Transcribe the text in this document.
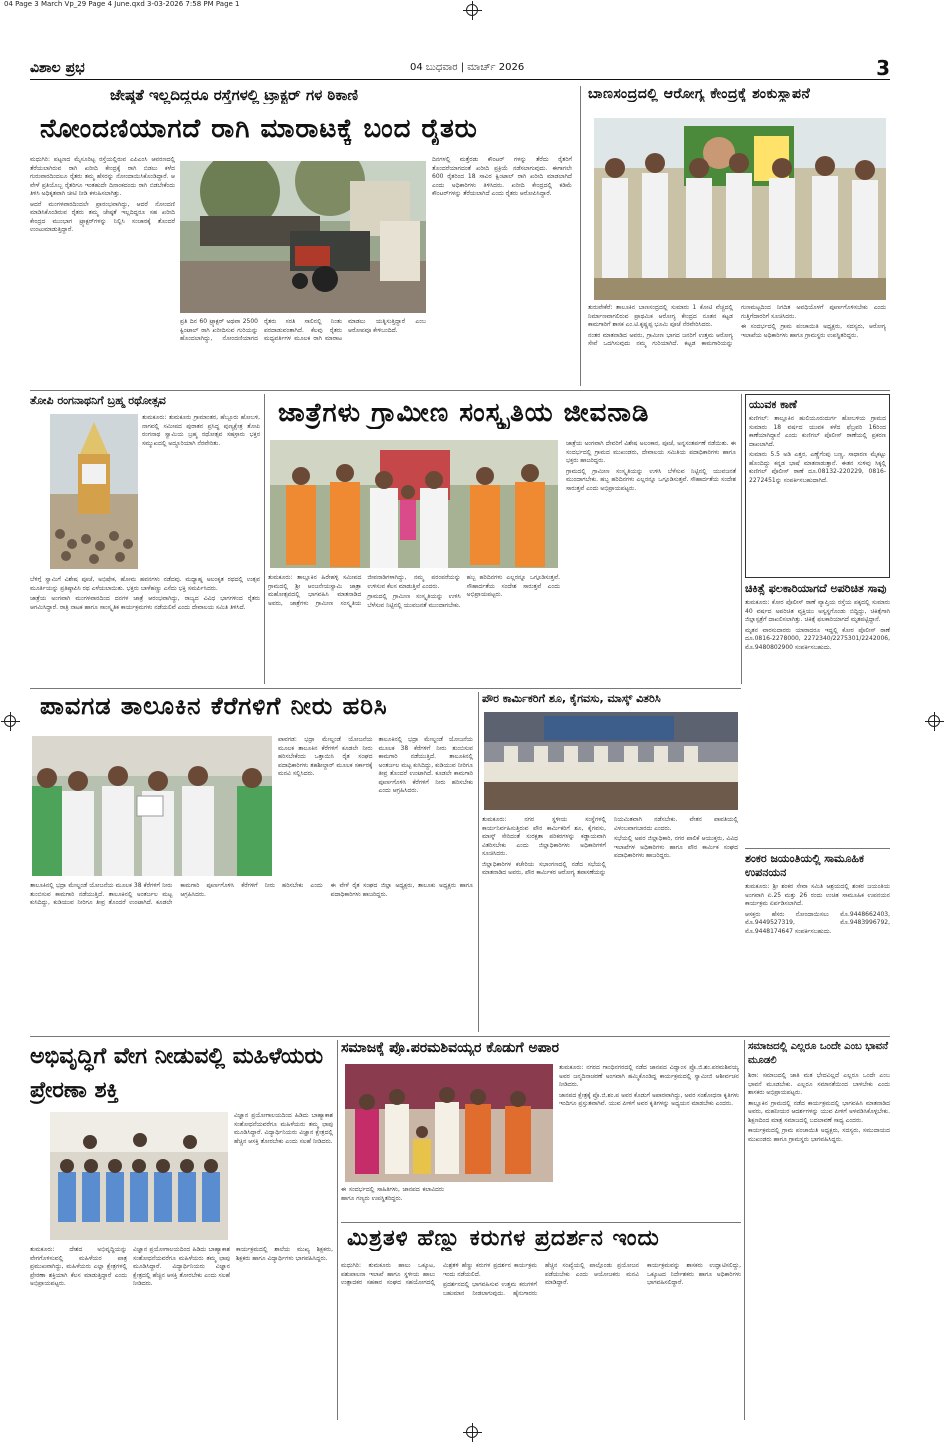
04 Page 3 March Vp_29 Page 4 June.qxd 3-03-2026 7:58 PM Page 1
ವಿಶಾಲ ಪ್ರಭ	04 ಬುಧವಾರ | ಮಾರ್ಚ್ 2026	3
ಜೇಷ್ಠತೆ ಇಲ್ಲದಿದ್ದರೂ ರಸ್ತೆಗಳಲ್ಲಿ ಟ್ರ್ಯಾಕ್ಟರ್ ಗಳ ಠಿಕಾಣಿ
ನೋಂದಣಿಯಾಗದೆ ರಾಗಿ ಮಾರಾಟಕ್ಕೆ ಬಂದ ರೈತರು

ಮಧುಗಿರಿ: ಪಟ್ಟಣದ ಮೈಸೂರಿಟ್ಟ ರಸ್ತೆಯಲ್ಲಿರುವ ಎಪಿಎಂಸಿ ಆವರಣದಲ್ಲಿ ತೆರೆಯಲಾಗಿರುವ ರಾಗಿ ಖರೀದಿ ಕೇಂದ್ರಕ್ಕೆ ರಾಗಿ ಬಿಡಲು ಕಳೆದ ಗುರುವಾರದಿಂದಲೂ ರೈತರು ತಮ್ಮ ಹೆಸರನ್ನು ನೋಂದಾಯಿಸಿಕೊಂಡಿದ್ದಾರೆ. ಆ ವೇಳೆ ಪ್ರತಿಯೊಬ್ಬ ರೈತರಿಗೂ ಇಂತಹುದೇ ದಿನಾಂಕದಂದು ರಾಗಿ ಬಿಡಬೇಕೆಂದು ತಿಳಿಸಿ ಅಧಿಕೃತವಾಗಿ ಚೀಟಿ ನೀಡಿ ಕಳುಹಿಸಲಾಗಿತ್ತು.

ಆದರೆ ಮಂಗಳವಾರದಿಂದಲೇ ಪ್ರಾರಂಭವಾಗಿದ್ದು, ಆದರೆ ನೋಂದಣಿ ಮಾಡಿಸಿಕೊಂಡಿರುವ ರೈತರು ತಮ್ಮ ಜೇಷ್ಠತೆ ಇಲ್ಲದಿದ್ದರೂ ಸಹ ಖರೀದಿ ಕೇಂದ್ರದ ಮುಂಭಾಗ ಟ್ರ್ಯಾಕ್ಟರ್‌ಗಳನ್ನು ನಿಲ್ಲಿಸಿ ಸಂಚಾರಕ್ಕೆ ತೊಂದರೆ ಉಂಟುಮಾಡುತ್ತಿದ್ದಾರೆ.

ಪ್ರತಿ ದಿನ 60 ಟ್ರ್ಯಾಕ್ಟರ್ ಅಥವಾ 2500 ಕ್ವಿಂಟಾಲ್ ರಾಗಿ ಖರೀದಿಸುವ ಗುರಿಯನ್ನು ಹೊಂದಲಾಗಿದ್ದು, ನೋಂದಣಿಯಾಗದ ರೈತರು ಸರತಿ ಸಾಲಿನಲ್ಲಿ ನಿಂತು ಪರದಾಡುವಂತಾಗಿದೆ. ಕೆಲವು ರೈತರು ಮಧ್ಯವರ್ತಿಗಳ ಮೂಲಕ ರಾಗಿ ಮಾರಾಟ ಮಾಡಲು ಯತ್ನಿಸುತ್ತಿದ್ದಾರೆ ಎಂಬ ಆರೋಪವೂ ಕೇಳಿಬಂದಿದೆ.

ದಿನಗಳಲ್ಲಿ ಮತ್ತೆರಡು ಕೌಂಟರ್ ಗಳನ್ನು ತೆರೆದು ರೈತರಿಗೆ ತೊಂದರೆಯಾಗದಂತೆ ಖರೀದಿ ಪ್ರಕ್ರಿಯೆ ನಡೆಸಲಾಗುವುದು. ಈಗಾಗಲೇ 600 ರೈತರಿಂದ 18 ಸಾವಿರ ಕ್ವಿಂಟಾಲ್ ರಾಗಿ ಖರೀದಿ ಮಾಡಲಾಗಿದೆ ಎಂದು ಅಧಿಕಾರಿಗಳು ತಿಳಿಸಿದರು. ಖರೀದಿ ಕೇಂದ್ರದಲ್ಲಿ ಕಡಿಮೆ ಕೌಂಟರ್‌ಗಳನ್ನು ತೆರೆಯಲಾಗಿದೆ ಎಂದು ರೈತರು ಆರೋಪಿಸಿದ್ದಾರೆ.

ಬಾಣಸಂದ್ರದಲ್ಲಿ ಆರೋಗ್ಯ ಕೇಂದ್ರಕ್ಕೆ ಶಂಕುಸ್ಥಾಪನೆ

ತುರುವೇಕೆರೆ: ತಾಲೂಕಿನ ಬಾಣಸಂದ್ರದಲ್ಲಿ ಸುಮಾರು 1 ಕೋಟಿ ವೆಚ್ಚದಲ್ಲಿ ನಿರ್ಮಾಣವಾಗಲಿರುವ ಪ್ರಾಥಮಿಕ ಆರೋಗ್ಯ ಕೇಂದ್ರದ ನೂತನ ಕಟ್ಟಡ ಕಾಮಗಾರಿಗೆ ಶಾಸಕ ಎಂ.ಟಿ.ಕೃಷ್ಣಪ್ಪ ಭೂಮಿ ಪೂಜೆ ನೆರವೇರಿಸಿದರು.

ನಂತರ ಮಾತನಾಡಿದ ಅವರು, ಗ್ರಾಮೀಣ ಭಾಗದ ಜನರಿಗೆ ಉತ್ತಮ ಆರೋಗ್ಯ ಸೇವೆ ಒದಗಿಸುವುದು ನಮ್ಮ ಗುರಿಯಾಗಿದೆ. ಕಟ್ಟಡ ಕಾಮಗಾರಿಯನ್ನು ಗುಣಮಟ್ಟದಿಂದ ನಿಗದಿತ ಅವಧಿಯೊಳಗೆ ಪೂರ್ಣಗೊಳಿಸಬೇಕು ಎಂದು ಗುತ್ತಿಗೆದಾರರಿಗೆ ಸೂಚಿಸಿದರು.

ಈ ಸಂದರ್ಭದಲ್ಲಿ ಗ್ರಾಮ ಪಂಚಾಯಿತಿ ಅಧ್ಯಕ್ಷರು, ಸದಸ್ಯರು, ಆರೋಗ್ಯ ಇಲಾಖೆಯ ಅಧಿಕಾರಿಗಳು ಹಾಗೂ ಗ್ರಾಮಸ್ಥರು ಉಪಸ್ಥಿತರಿದ್ದರು.

ತೋಪಿ ರಂಗನಾಥನಿಗೆ ಬ್ರಹ್ಮ ರಥೋತ್ಸವ

ತುಮಕೂರು: ತುಮಕೂರು ಗ್ರಾಮಾಂತರ, ಹೆಬ್ಬೂರು ಹೋಬಳಿ, ನಾಗವಲ್ಲಿ ಸಮೀಪದ ಪುರಾತನ ಪ್ರಸಿದ್ಧ ಪುಣ್ಯಕ್ಷೇತ್ರ ತೋಪಿ ರಂಗನಾಥ ಸ್ವಾಮಿಯ ಬ್ರಹ್ಮ ರಥೋತ್ಸವ ಸಹಸ್ರಾರು ಭಕ್ತರ ಸಮ್ಮುಖದಲ್ಲಿ ಅದ್ದೂರಿಯಾಗಿ ನೆರವೇರಿತು.

ಬೆಳಿಗ್ಗೆ ಸ್ವಾಮಿಗೆ ವಿಶೇಷ ಪೂಜೆ, ಅಭಿಷೇಕ, ಹೋಮ ಹವನಗಳು ನಡೆದವು. ಮಧ್ಯಾಹ್ನ ಅಲಂಕೃತ ರಥದಲ್ಲಿ ಉತ್ಸವ ಮೂರ್ತಿಯನ್ನು ಪ್ರತಿಷ್ಠಾಪಿಸಿ ರಥ ಎಳೆಯಲಾಯಿತು. ಭಕ್ತರು ಬಾಳೆಹಣ್ಣು ಎಸೆದು ಭಕ್ತಿ ಸಮರ್ಪಿಸಿದರು.

ಜಾತ್ರೆಯ ಅಂಗವಾಗಿ ಮಂಗಳವಾರದಿಂದ ದನಗಳ ಜಾತ್ರೆ ಆರಂಭವಾಗಿದ್ದು, ರಾಜ್ಯದ ವಿವಿಧ ಭಾಗಗಳಿಂದ ರೈತರು ಆಗಮಿಸಿದ್ದಾರೆ. ರಾತ್ರಿ ನಾಟಕ ಹಾಗೂ ಸಾಂಸ್ಕೃತಿಕ ಕಾರ್ಯಕ್ರಮಗಳು ನಡೆಯಲಿವೆ ಎಂದು ದೇವಾಲಯ ಸಮಿತಿ ತಿಳಿಸಿದೆ.

ಜಾತ್ರೆಗಳು ಗ್ರಾಮೀಣ ಸಂಸ್ಕೃತಿಯ ಜೀವನಾಡಿ

ತುಮಕೂರು: ತಾಲ್ಲೂಕಿನ ಹಿರೇಹಳ್ಳಿ ಸಮೀಪದ ಗ್ರಾಮದಲ್ಲಿ ಶ್ರೀ ಆಂಜನೇಯಸ್ವಾಮಿ ಜಾತ್ರಾ ಮಹೋತ್ಸವದಲ್ಲಿ ಭಾಗವಹಿಸಿ ಮಾತನಾಡಿದ ಅವರು, ಜಾತ್ರೆಗಳು ಗ್ರಾಮೀಣ ಸಂಸ್ಕೃತಿಯ ಜೀವನಾಡಿಗಳಾಗಿದ್ದು, ನಮ್ಮ ಪರಂಪರೆಯನ್ನು ಉಳಿಸುವ ಕೆಲಸ ಮಾಡುತ್ತಿವೆ ಎಂದರು.

ಗ್ರಾಮದಲ್ಲಿ ಗ್ರಾಮೀಣ ಸಂಸ್ಕೃತಿಯನ್ನು ಉಳಿಸಿ ಬೆಳೆಸುವ ನಿಟ್ಟಿನಲ್ಲಿ ಯುವಜನತೆ ಮುಂದಾಗಬೇಕು. ಹಬ್ಬ ಹರಿದಿನಗಳು ಎಲ್ಲರನ್ನೂ ಒಗ್ಗೂಡಿಸುತ್ತವೆ. ಸೌಹಾರ್ದತೆಯ ಸಂದೇಶ ಸಾರುತ್ತವೆ ಎಂದು ಅಭಿಪ್ರಾಯಪಟ್ಟರು.

ಜಾತ್ರೆಯ ಅಂಗವಾಗಿ ದೇವರಿಗೆ ವಿಶೇಷ ಅಲಂಕಾರ, ಪೂಜೆ, ಅನ್ನಸಂತರ್ಪಣೆ ನಡೆಯಿತು. ಈ ಸಂದರ್ಭದಲ್ಲಿ ಗ್ರಾಮದ ಮುಖಂಡರು, ದೇವಾಲಯ ಸಮಿತಿಯ ಪದಾಧಿಕಾರಿಗಳು ಹಾಗೂ ಭಕ್ತರು ಹಾಜರಿದ್ದರು.

ಗ್ರಾಮದಲ್ಲಿ ಗ್ರಾಮೀಣ ಸಂಸ್ಕೃತಿಯನ್ನು ಉಳಿಸಿ ಬೆಳೆಸುವ ನಿಟ್ಟಿನಲ್ಲಿ ಯುವಜನತೆ ಮುಂದಾಗಬೇಕು. ಹಬ್ಬ ಹರಿದಿನಗಳು ಎಲ್ಲರನ್ನೂ ಒಗ್ಗೂಡಿಸುತ್ತವೆ. ಸೌಹಾರ್ದತೆಯ ಸಂದೇಶ ಸಾರುತ್ತವೆ ಎಂದು ಅಭಿಪ್ರಾಯಪಟ್ಟರು.

ಯುವಕ ಕಾಣೆ

ಕುಣಿಗಲ್: ತಾಲ್ಲೂಕಿನ ಹುಲಿಯೂರುದುರ್ಗ ಹೋಬಳಿಯ ಗ್ರಾಮದ ಸುಮಾರು 18 ವರ್ಷದ ಯುವಕ ಕಳೆದ ಫೆಬ್ರವರಿ 16ರಿಂದ ಕಾಣೆಯಾಗಿದ್ದಾನೆ ಎಂದು ಕುಣಿಗಲ್ ಪೊಲೀಸ್ ಠಾಣೆಯಲ್ಲಿ ಪ್ರಕರಣ ದಾಖಲಾಗಿದೆ.

ಸುಮಾರು 5.5 ಅಡಿ ಎತ್ತರ, ಎಣ್ಣೆಗೆಂಪು ಬಣ್ಣ, ಸಾಧಾರಣ ಮೈಕಟ್ಟು ಹೊಂದಿದ್ದು ಕನ್ನಡ ಭಾಷೆ ಮಾತನಾಡುತ್ತಾನೆ. ಈತನ ಸುಳಿವು ಸಿಕ್ಕಲ್ಲಿ ಕುಣಿಗಲ್ ಪೊಲೀಸ್ ಠಾಣೆ ದೂ.08132-220229, 0816-2272451ನ್ನು ಸಂಪರ್ಕಿಸಬಹುದಾಗಿದೆ.

ಚಿಕಿತ್ಸೆ ಫಲಕಾರಿಯಾಗದೆ ಅಪರಿಚಿತ ಸಾವು

ತುಮಕೂರು: ಕೋರ ಪೊಲೀಸ್ ಠಾಣೆ ವ್ಯಾಪ್ತಿಯ ರಸ್ತೆಯ ಪಕ್ಕದಲ್ಲಿ ಸುಮಾರು 40 ವರ್ಷದ ಅಪರಿಚಿತ ವ್ಯಕ್ತಿಯು ಅಸ್ವಸ್ಥಗೊಂಡು ಬಿದ್ದಿದ್ದು, ಚಿಕಿತ್ಸೆಗಾಗಿ ಜಿಲ್ಲಾಸ್ಪತ್ರೆಗೆ ದಾಖಲಿಸಲಾಗಿತ್ತು. ಚಿಕಿತ್ಸೆ ಫಲಕಾರಿಯಾಗದೆ ಮೃತಪಟ್ಟಿದ್ದಾನೆ.

ಮೃತನ ವಾರಸುದಾರರು ಯಾರಾದರೂ ಇದ್ದಲ್ಲಿ ಕೋರ ಪೊಲೀಸ್ ಠಾಣೆ ದೂ.0816-2278000, 2272340/2275301/2242006, ಮೊ.9480802900 ಸಂಪರ್ಕಿಸಬಹುದು.

ಪಾವಗಡ ತಾಲೂಕಿನ ಕೆರೆಗಳಿಗೆ ನೀರು ಹರಿಸಿ

ಪಾವಗಡ: ಭದ್ರಾ ಮೇಲ್ದಂಡೆ ಯೋಜನೆಯ ಮೂಲಕ ತಾಲೂಕಿನ ಕೆರೆಗಳಿಗೆ ಕೂಡಲೇ ನೀರು ಹರಿಸಬೇಕೆಂದು ಒತ್ತಾಯಿಸಿ ರೈತ ಸಂಘದ ಪದಾಧಿಕಾರಿಗಳು ತಹಶೀಲ್ದಾರ್ ಮೂಲಕ ಸರ್ಕಾರಕ್ಕೆ ಮನವಿ ಸಲ್ಲಿಸಿದರು.

ತಾಲೂಕಿನಲ್ಲಿ ಭದ್ರಾ ಮೇಲ್ದಂಡೆ ಯೋಜನೆಯ ಮೂಲಕ 38 ಕೆರೆಗಳಿಗೆ ನೀರು ತುಂಬಿಸುವ ಕಾಮಗಾರಿ ನಡೆಯುತ್ತಿದೆ. ತಾಲೂಕಿನಲ್ಲಿ ಅಂತರ್ಜಲ ಮಟ್ಟ ಕುಸಿದಿದ್ದು, ಕುಡಿಯುವ ನೀರಿಗೂ ತೀವ್ರ ತೊಂದರೆ ಉಂಟಾಗಿದೆ. ಕೂಡಲೇ ಕಾಮಗಾರಿ ಪೂರ್ಣಗೊಳಿಸಿ ಕೆರೆಗಳಿಗೆ ನೀರು ಹರಿಸಬೇಕು ಎಂದು ಆಗ್ರಹಿಸಿದರು.

ತಾಲೂಕಿನಲ್ಲಿ ಭದ್ರಾ ಮೇಲ್ದಂಡೆ ಯೋಜನೆಯ ಮೂಲಕ 38 ಕೆರೆಗಳಿಗೆ ನೀರು ತುಂಬಿಸುವ ಕಾಮಗಾರಿ ನಡೆಯುತ್ತಿದೆ. ತಾಲೂಕಿನಲ್ಲಿ ಅಂತರ್ಜಲ ಮಟ್ಟ ಕುಸಿದಿದ್ದು, ಕುಡಿಯುವ ನೀರಿಗೂ ತೀವ್ರ ತೊಂದರೆ ಉಂಟಾಗಿದೆ. ಕೂಡಲೇ ಕಾಮಗಾರಿ ಪೂರ್ಣಗೊಳಿಸಿ ಕೆರೆಗಳಿಗೆ ನೀರು ಹರಿಸಬೇಕು ಎಂದು ಆಗ್ರಹಿಸಿದರು.

ಈ ವೇಳೆ ರೈತ ಸಂಘದ ಜಿಲ್ಲಾ ಅಧ್ಯಕ್ಷರು, ತಾಲೂಕು ಅಧ್ಯಕ್ಷರು ಹಾಗೂ ಪದಾಧಿಕಾರಿಗಳು ಹಾಜರಿದ್ದರು.

ಪೌರ ಕಾರ್ಮಿಕರಿಗೆ ಶೂ, ಕೈಗವಸು, ಮಾಸ್ಕ್ ವಿತರಿಸಿ

ತುಮಕೂರು: ನಗರ ಸ್ಥಳೀಯ ಸಂಸ್ಥೆಗಳಲ್ಲಿ ಕಾರ್ಯನಿರ್ವಹಿಸುತ್ತಿರುವ ಪೌರ ಕಾರ್ಮಿಕರಿಗೆ ಶೂ, ಕೈಗವಸು, ಮಾಸ್ಕ್ ಸೇರಿದಂತೆ ಸುರಕ್ಷತಾ ಪರಿಕರಗಳನ್ನು ಕಡ್ಡಾಯವಾಗಿ ವಿತರಿಸಬೇಕು ಎಂದು ಜಿಲ್ಲಾಧಿಕಾರಿಗಳು ಅಧಿಕಾರಿಗಳಿಗೆ ಸೂಚಿಸಿದರು.

ಜಿಲ್ಲಾಧಿಕಾರಿಗಳ ಕಚೇರಿಯ ಸಭಾಂಗಣದಲ್ಲಿ ನಡೆದ ಸಭೆಯಲ್ಲಿ ಮಾತನಾಡಿದ ಅವರು, ಪೌರ ಕಾರ್ಮಿಕರ ಆರೋಗ್ಯ ತಪಾಸಣೆಯನ್ನು ನಿಯಮಿತವಾಗಿ ನಡೆಸಬೇಕು. ವೇತನ ಪಾವತಿಯಲ್ಲಿ ವಿಳಂಬವಾಗಬಾರದು ಎಂದರು.

ಸಭೆಯಲ್ಲಿ ಅಪರ ಜಿಲ್ಲಾಧಿಕಾರಿ, ನಗರ ಪಾಲಿಕೆ ಆಯುಕ್ತರು, ವಿವಿಧ ಇಲಾಖೆಗಳ ಅಧಿಕಾರಿಗಳು ಹಾಗೂ ಪೌರ ಕಾರ್ಮಿಕ ಸಂಘದ ಪದಾಧಿಕಾರಿಗಳು ಹಾಜರಿದ್ದರು.	ಶಂಕರ ಜಯಂತಿಯಲ್ಲಿ ಸಾಮೂಹಿಕ ಉಪನಯನ

ತುಮಕೂರು: ಶ್ರೀ ಶಂಕರ ಸೇವಾ ಸಮಿತಿ ಆಶ್ರಯದಲ್ಲಿ ಶಂಕರ ಜಯಂತಿಯ ಅಂಗವಾಗಿ ಏ.25 ಮತ್ತು 26 ರಂದು ಉಚಿತ ಸಾಮೂಹಿಕ ಉಪನಯನ ಕಾರ್ಯಕ್ರಮ ಏರ್ಪಡಿಸಲಾಗಿದೆ.

ಆಸಕ್ತರು ಹೆಸರು ನೋಂದಾಯಿಸಲು ಮೊ.9448662403, ಮೊ.9449527319, ಮೊ.9483996792, ಮೊ.9448174647 ಸಂಪರ್ಕಿಸಬಹುದು.

ಅಭಿವೃದ್ಧಿಗೆ ವೇಗ ನೀಡುವಲ್ಲಿ ಮಹಿಳೆಯರು ಪ್ರೇರಣಾ ಶಕ್ತಿ

ವಿಜ್ಞಾನ ಪ್ರಯೋಗಾಲಯದಿಂದ ಹಿಡಿದು ಬಾಹ್ಯಾಕಾಶ ಸಂಶೋಧನೆಯವರೆಗೂ ಮಹಿಳೆಯರು ತಮ್ಮ ಛಾಪು ಮೂಡಿಸಿದ್ದಾರೆ. ವಿದ್ಯಾರ್ಥಿನಿಯರು ವಿಜ್ಞಾನ ಕ್ಷೇತ್ರದಲ್ಲಿ ಹೆಚ್ಚಿನ ಆಸಕ್ತಿ ತೋರಬೇಕು ಎಂದು ಸಲಹೆ ನೀಡಿದರು.

ತುಮಕೂರು: ದೇಶದ ಅಭಿವೃದ್ಧಿಯನ್ನು ವೇಗಗೊಳಿಸುವಲ್ಲಿ ಮಹಿಳೆಯರ ಪಾತ್ರ ಪ್ರಮುಖವಾಗಿದ್ದು, ಮಹಿಳೆಯರು ಎಲ್ಲಾ ಕ್ಷೇತ್ರಗಳಲ್ಲಿ ಪ್ರೇರಣಾ ಶಕ್ತಿಯಾಗಿ ಕೆಲಸ ಮಾಡುತ್ತಿದ್ದಾರೆ ಎಂದು ಅಭಿಪ್ರಾಯಪಟ್ಟರು.

ವಿಜ್ಞಾನ ಪ್ರಯೋಗಾಲಯದಿಂದ ಹಿಡಿದು ಬಾಹ್ಯಾಕಾಶ ಸಂಶೋಧನೆಯವರೆಗೂ ಮಹಿಳೆಯರು ತಮ್ಮ ಛಾಪು ಮೂಡಿಸಿದ್ದಾರೆ. ವಿದ್ಯಾರ್ಥಿನಿಯರು ವಿಜ್ಞಾನ ಕ್ಷೇತ್ರದಲ್ಲಿ ಹೆಚ್ಚಿನ ಆಸಕ್ತಿ ತೋರಬೇಕು ಎಂದು ಸಲಹೆ ನೀಡಿದರು.

ಕಾರ್ಯಕ್ರಮದಲ್ಲಿ ಶಾಲೆಯ ಮುಖ್ಯ ಶಿಕ್ಷಕರು, ಶಿಕ್ಷಕರು ಹಾಗೂ ವಿದ್ಯಾರ್ಥಿಗಳು ಭಾಗವಹಿಸಿದ್ದರು.

ಸಮಾಜಕ್ಕೆ ಪ್ರೊ.ಪರಮಶಿವಯ್ಯರ ಕೊಡುಗೆ ಅಪಾರ

ತುಮಕೂರು: ನಗರದ ಗಾಂಧಿನಗರದಲ್ಲಿ ನಡೆದ ಜಾನಪದ ವಿದ್ವಾಂಸ ಪ್ರೊ.ಜಿ.ಶಂ.ಪರಮಶಿವಯ್ಯ ಅವರ ಜನ್ಮದಿನಾಚರಣೆ ಅಂಗವಾಗಿ ಹಮ್ಮಿಕೊಂಡಿದ್ದ ಕಾರ್ಯಕ್ರಮದಲ್ಲಿ ಸ್ವಾಮೀಜಿ ಆಶೀರ್ವಚನ ನೀಡಿದರು.

ಜಾನಪದ ಕ್ಷೇತ್ರಕ್ಕೆ ಪ್ರೊ.ಜಿ.ಶಂ.ಪ ಅವರ ಕೊಡುಗೆ ಅಪಾರವಾಗಿದ್ದು, ಅವರ ಸಂಶೋಧನಾ ಕೃತಿಗಳು ಇಂದಿಗೂ ಪ್ರಸ್ತುತವಾಗಿವೆ. ಯುವ ಪೀಳಿಗೆ ಅವರ ಕೃತಿಗಳನ್ನು ಅಧ್ಯಯನ ಮಾಡಬೇಕು ಎಂದರು.

ಈ ಸಂದರ್ಭದಲ್ಲಿ ಸಾಹಿತಿಗಳು, ಜಾನಪದ ಕಲಾವಿದರು ಹಾಗೂ ಗಣ್ಯರು ಉಪಸ್ಥಿತರಿದ್ದರು.

ಮಿಶ್ರತಳಿ ಹೆಣ್ಣು ಕರುಗಳ ಪ್ರದರ್ಶನ ಇಂದು

ಮಧುಗಿರಿ: ತುಮಕೂರು ಹಾಲು ಒಕ್ಕೂಟ, ಪಶುಪಾಲನಾ ಇಲಾಖೆ ಹಾಗೂ ಸ್ಥಳೀಯ ಹಾಲು ಉತ್ಪಾದಕರ ಸಹಕಾರ ಸಂಘದ ಸಹಯೋಗದಲ್ಲಿ ಮಿಶ್ರತಳಿ ಹೆಣ್ಣು ಕರುಗಳ ಪ್ರದರ್ಶನ ಕಾರ್ಯಕ್ರಮ ಇಂದು ನಡೆಯಲಿದೆ.

ಪ್ರದರ್ಶನದಲ್ಲಿ ಭಾಗವಹಿಸುವ ಉತ್ತಮ ಕರುಗಳಿಗೆ ಬಹುಮಾನ ನೀಡಲಾಗುವುದು. ಹೈನುಗಾರರು ಹೆಚ್ಚಿನ ಸಂಖ್ಯೆಯಲ್ಲಿ ಪಾಲ್ಗೊಂಡು ಪ್ರಯೋಜನ ಪಡೆಯಬೇಕು ಎಂದು ಆಯೋಜಕರು ಮನವಿ ಮಾಡಿದ್ದಾರೆ.

ಕಾರ್ಯಕ್ರಮವನ್ನು ಶಾಸಕರು ಉದ್ಘಾಟಿಸಲಿದ್ದು, ಒಕ್ಕೂಟದ ನಿರ್ದೇಶಕರು ಹಾಗೂ ಅಧಿಕಾರಿಗಳು ಭಾಗವಹಿಸಲಿದ್ದಾರೆ.

ಸಮಾಜದಲ್ಲಿ ಎಲ್ಲರೂ ಒಂದೇ ಎಂಬ ಭಾವನೆ ಮೂಡಲಿ

ಶಿರಾ: ಸಮಾಜದಲ್ಲಿ ಜಾತಿ ಮತ ಭೇದವಿಲ್ಲದೆ ಎಲ್ಲರೂ ಒಂದೇ ಎಂಬ ಭಾವನೆ ಮೂಡಬೇಕು. ಎಲ್ಲರೂ ಸಮಾನತೆಯಿಂದ ಬಾಳಬೇಕು ಎಂದು ಶಾಸಕರು ಅಭಿಪ್ರಾಯಪಟ್ಟರು.

ತಾಲ್ಲೂಕಿನ ಗ್ರಾಮದಲ್ಲಿ ನಡೆದ ಕಾರ್ಯಕ್ರಮದಲ್ಲಿ ಭಾಗವಹಿಸಿ ಮಾತನಾಡಿದ ಅವರು, ಮಹನೀಯರ ಆದರ್ಶಗಳನ್ನು ಯುವ ಪೀಳಿಗೆ ಅಳವಡಿಸಿಕೊಳ್ಳಬೇಕು. ಶಿಕ್ಷಣದಿಂದ ಮಾತ್ರ ಸಮಾಜದಲ್ಲಿ ಬದಲಾವಣೆ ಸಾಧ್ಯ ಎಂದರು.

ಕಾರ್ಯಕ್ರಮದಲ್ಲಿ ಗ್ರಾಮ ಪಂಚಾಯಿತಿ ಅಧ್ಯಕ್ಷರು, ಸದಸ್ಯರು, ಸಮುದಾಯದ ಮುಖಂಡರು ಹಾಗೂ ಗ್ರಾಮಸ್ಥರು ಭಾಗವಹಿಸಿದ್ದರು.
